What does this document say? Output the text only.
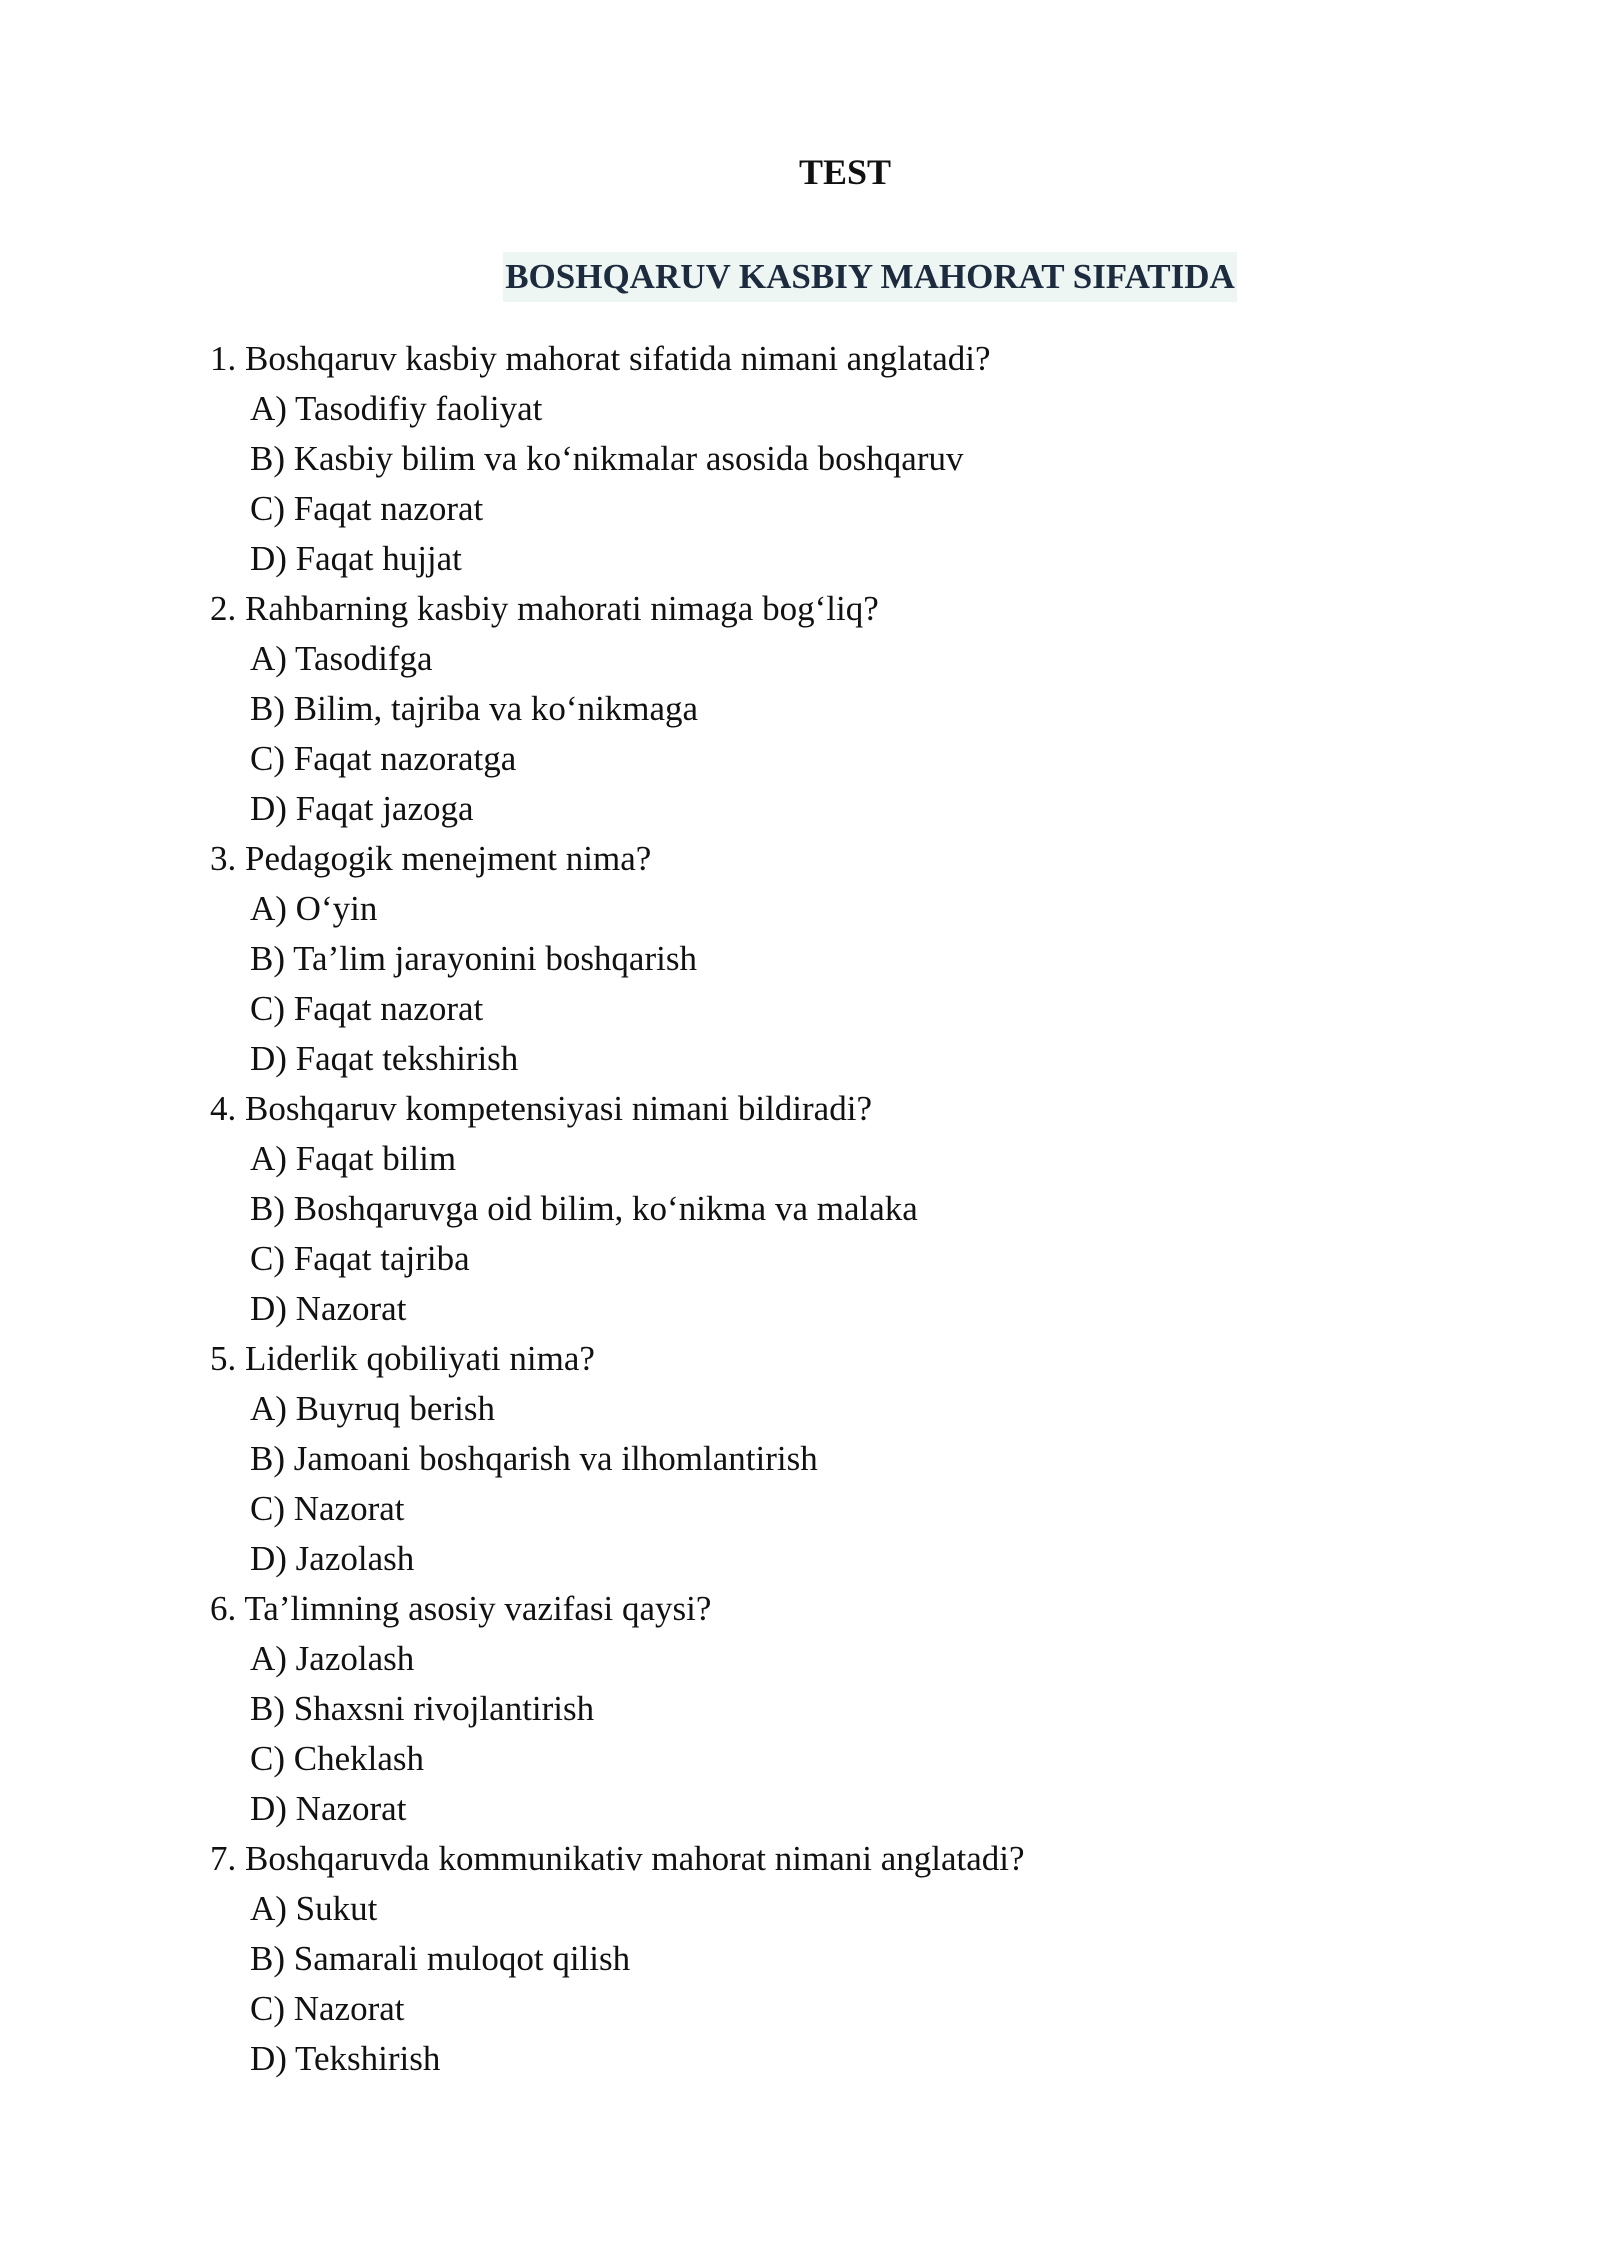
TEST
BOSHQARUV KASBIY MAHORAT SIFATIDA
1. Boshqaruv kasbiy mahorat sifatida nimani anglatadi?
A) Tasodifiy faoliyat
B) Kasbiy bilim va ko‘nikmalar asosida boshqaruv
C) Faqat nazorat
D) Faqat hujjat
2. Rahbarning kasbiy mahorati nimaga bog‘liq?
A) Tasodifga
B) Bilim, tajriba va ko‘nikmaga
C) Faqat nazoratga
D) Faqat jazoga
3. Pedagogik menejment nima?
A) O‘yin
B) Ta’lim jarayonini boshqarish
C) Faqat nazorat
D) Faqat tekshirish
4. Boshqaruv kompetensiyasi nimani bildiradi?
A) Faqat bilim
B) Boshqaruvga oid bilim, ko‘nikma va malaka
C) Faqat tajriba
D) Nazorat
5. Liderlik qobiliyati nima?
A) Buyruq berish
B) Jamoani boshqarish va ilhomlantirish
C) Nazorat
D) Jazolash
6. Ta’limning asosiy vazifasi qaysi?
A) Jazolash
B) Shaxsni rivojlantirish
C) Cheklash
D) Nazorat
7. Boshqaruvda kommunikativ mahorat nimani anglatadi?
A) Sukut
B) Samarali muloqot qilish
C) Nazorat
D) Tekshirish
